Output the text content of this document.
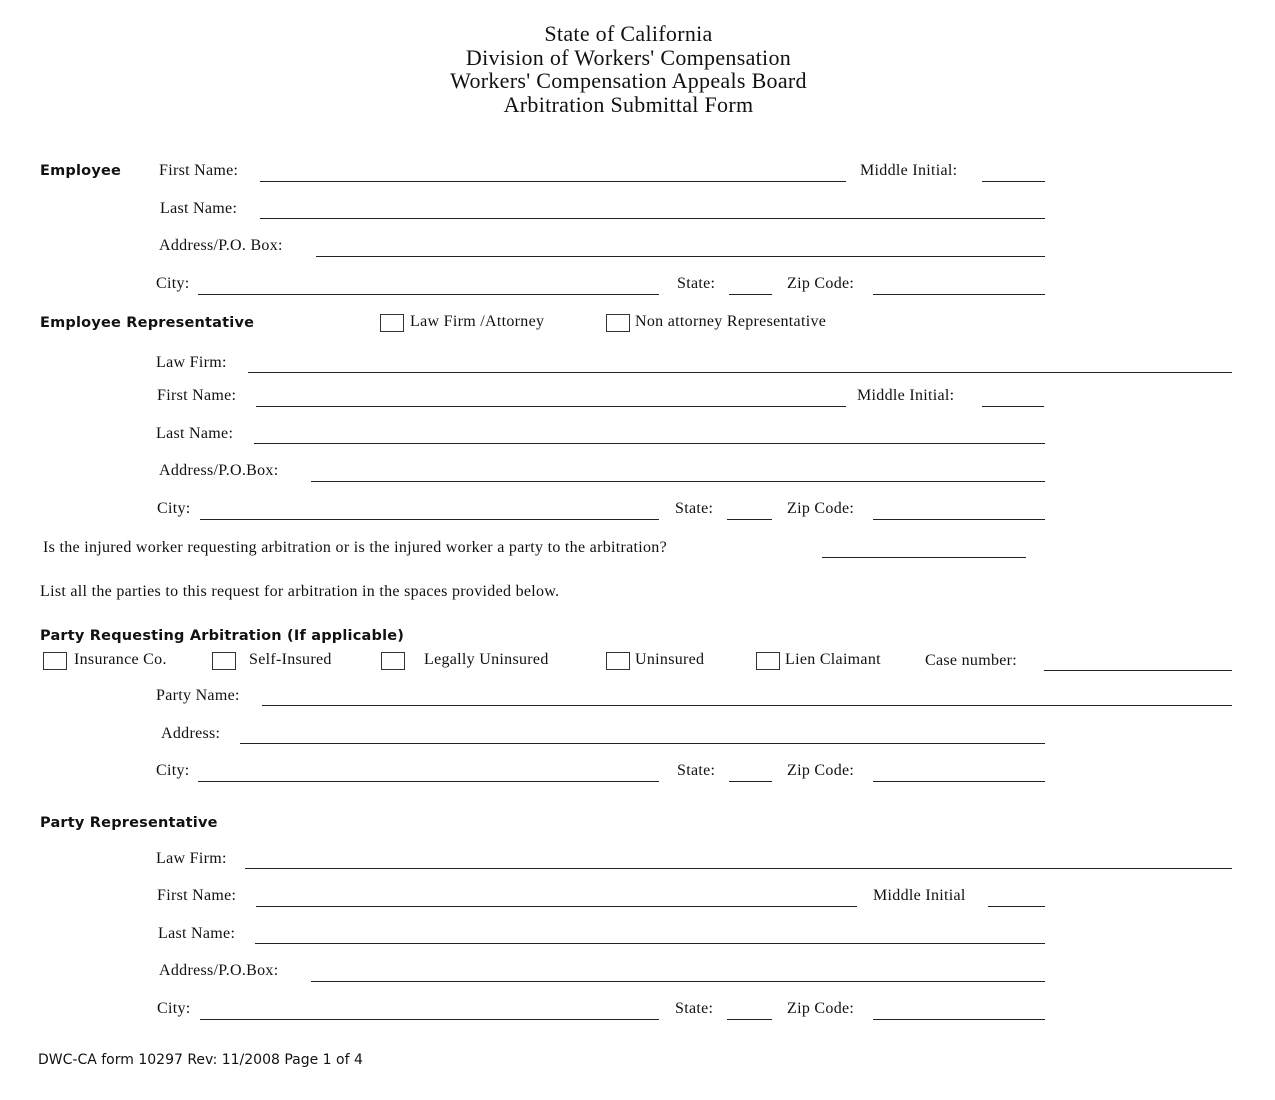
State of California
Division of Workers' Compensation
Workers' Compensation Appeals Board
Arbitration Submittal Form
Employee First Name:	Middle Initial:
Last Name:
Address/P.O. Box:
City:	State:	Zip Code:
Employee Representative	Law Firm /Attorney	Non attorney Representative
Law Firm:
First Name:	Middle Initial:
Last Name:
Address/P.O.Box:
City:	State:	Zip Code:
Is the injured worker requesting arbitration or is the injured worker a party to the arbitration?
List all the parties to this request for arbitration in the spaces provided below.
Party Requesting Arbitration (If applicable)
Insurance Co.	Self-Insured	Legally Uninsured	Uninsured	Lien Claimant	Case number:
Party Name:
Address:
City:	State:	Zip Code:
Party Representative
Law Firm:
First Name:	Middle Initial
Last Name:
Address/P.O.Box:
City:	State:	Zip Code:
DWC-CA form 10297 Rev: 11/2008 Page 1 of 4
